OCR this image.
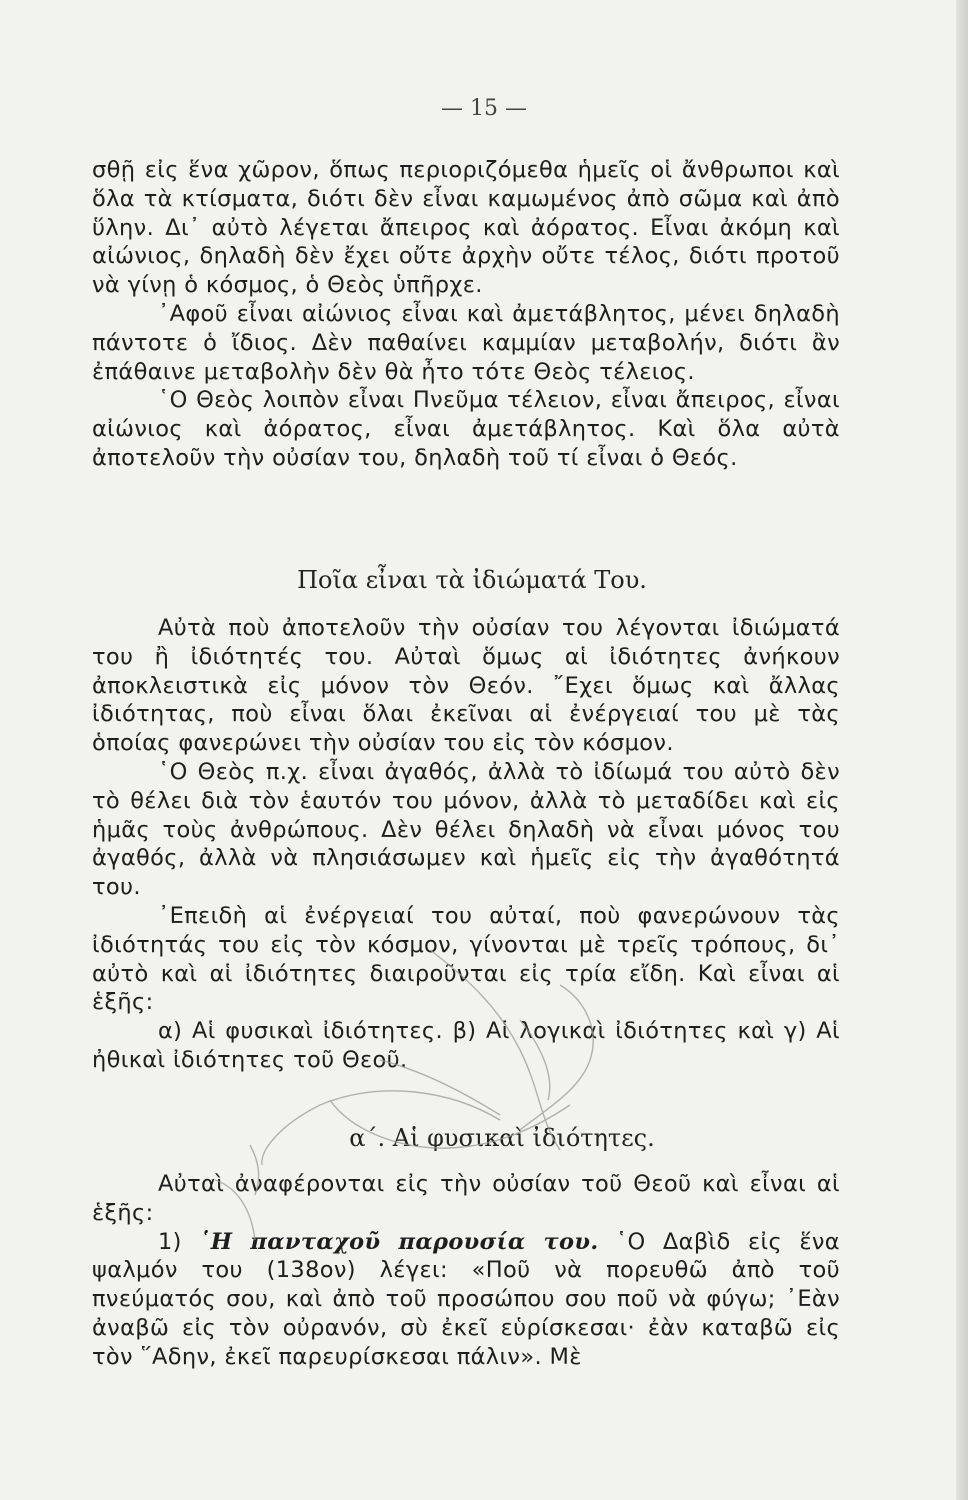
— 15 —

σθῇ εἰς ἕνα χῶρον, ὅπως περιοριζόμεθα ἡμεῖς οἱ ἄνθρωποι καὶ ὅλα τὰ κτίσματα, διότι δὲν εἶναι καμωμένος ἀπὸ σῶμα καὶ ἀπὸ ὕλην. Δι᾿ αὐτὸ λέγεται ἄπειρος καὶ ἀόρατος. Εἶναι ἀκόμη καὶ αἰώνιος, δηλαδὴ δὲν ἔχει οὔτε ἀρχὴν οὔτε τέλος, διότι προτοῦ νὰ γίνῃ ὁ κόσμος, ὁ Θεὸς ὑπῆρχε.

᾿Αφοῦ εἶναι αἰώνιος εἶναι καὶ ἀμετάβλητος, μένει δηλαδὴ πάντοτε ὁ ἴδιος. Δὲν παθαίνει καμμίαν μεταβολήν, διότι ἂν ἐπάθαινε μεταβολὴν δὲν θὰ ἦτο τότε Θεὸς τέλειος.

῾Ο Θεὸς λοιπὸν εἶναι Πνεῦμα τέλειον, εἶναι ἄπειρος, εἶναι αἰώνιος καὶ ἀόρατος, εἶναι ἀμετάβλητος. Καὶ ὅλα αὐτὰ ἀποτελοῦν τὴν οὐσίαν του, δηλαδὴ τοῦ τί εἶναι ὁ Θεός.

Ποῖα εἶναι τὰ ἰδιώματά Του.

Αὐτὰ ποὺ ἀποτελοῦν τὴν οὐσίαν του λέγονται ἰδιώματά του ἢ ἰδιότητές του. Αὐταὶ ὅμως αἱ ἰδιότητες ἀνήκουν ἀποκλειστικὰ εἰς μόνον τὸν Θεόν. ῎Εχει ὅμως καὶ ἄλλας ἰδιότητας, ποὺ εἶναι ὅλαι ἐκεῖναι αἱ ἐνέργειαί του μὲ τὰς ὁποίας φανερώνει τὴν οὐσίαν του εἰς τὸν κόσμον.

῾Ο Θεὸς π.χ. εἶναι ἀγαθός, ἀλλὰ τὸ ἰδίωμά του αὐτὸ δὲν τὸ θέλει διὰ τὸν ἑαυτόν του μόνον, ἀλλὰ τὸ μεταδίδει καὶ εἰς ἡμᾶς τοὺς ἀνθρώπους. Δὲν θέλει δηλαδὴ νὰ εἶναι μόνος του ἀγαθός, ἀλλὰ νὰ πλησιάσωμεν καὶ ἡμεῖς εἰς τὴν ἀγαθότητά του.

᾿Επειδὴ αἱ ἐνέργειαί του αὐταί, ποὺ φανερώνουν τὰς ἰδιότητάς του εἰς τὸν κόσμον, γίνονται μὲ τρεῖς τρόπους, δι᾿ αὐτὸ καὶ αἱ ἰδιότητες διαιροῦνται εἰς τρία εἴδη. Καὶ εἶναι αἱ ἑξῆς:

α) Αἱ φυσικαὶ ἰδιότητες. β) Αἱ λογικαὶ ἰδιότητες καὶ γ) Αἱ ἠθικαὶ ἰδιότητες τοῦ Θεοῦ.

α΄. Αἱ φυσικαὶ ἰδιότητες.

Αὐταὶ ἀναφέρονται εἰς τὴν οὐσίαν τοῦ Θεοῦ καὶ εἶναι αἱ ἑξῆς:

1) ῾Η πανταχοῦ παρουσία του. ῾Ο Δαβὶδ εἰς ἕνα ψαλμόν του (138ον) λέγει: «Ποῦ νὰ πορευθῶ ἀπὸ τοῦ πνεύματός σου, καὶ ἀπὸ τοῦ προσώπου σου ποῦ νὰ φύγω; ᾿Εὰν ἀναβῶ εἰς τὸν οὐρανόν, σὺ ἐκεῖ εὑρίσκεσαι· ἐὰν καταβῶ εἰς τὸν ῞Αδην, ἐκεῖ παρευρίσκεσαι πάλιν». Μὲ
